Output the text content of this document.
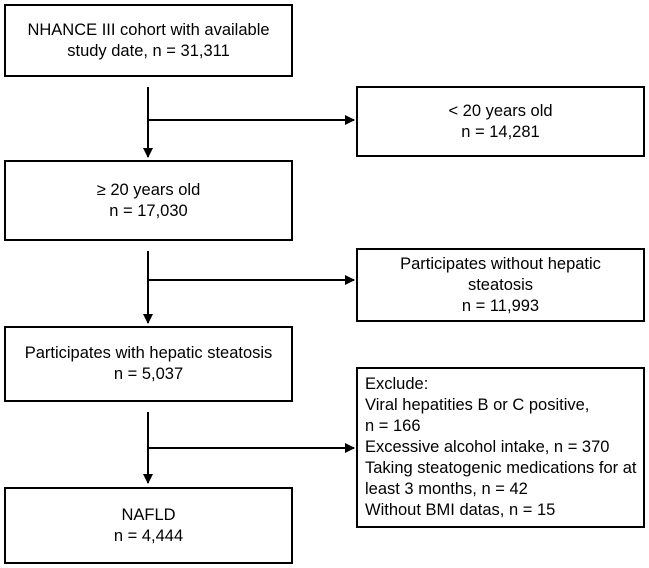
NHANCE III cohort with available
study date, n = 31,311
< 20 years old
n = 14,281
≥ 20 years old
n = 17,030
Participates without hepatic
steatosis
n = 11,993
Participates with hepatic steatosis
n = 5,037
Exclude:
Viral hepatities B or C positive,
n = 166
Excessive alcohol intake, n = 370
Taking steatogenic medications for at
least 3 months, n = 42
Without BMI datas, n = 15
NAFLD
n = 4,444
